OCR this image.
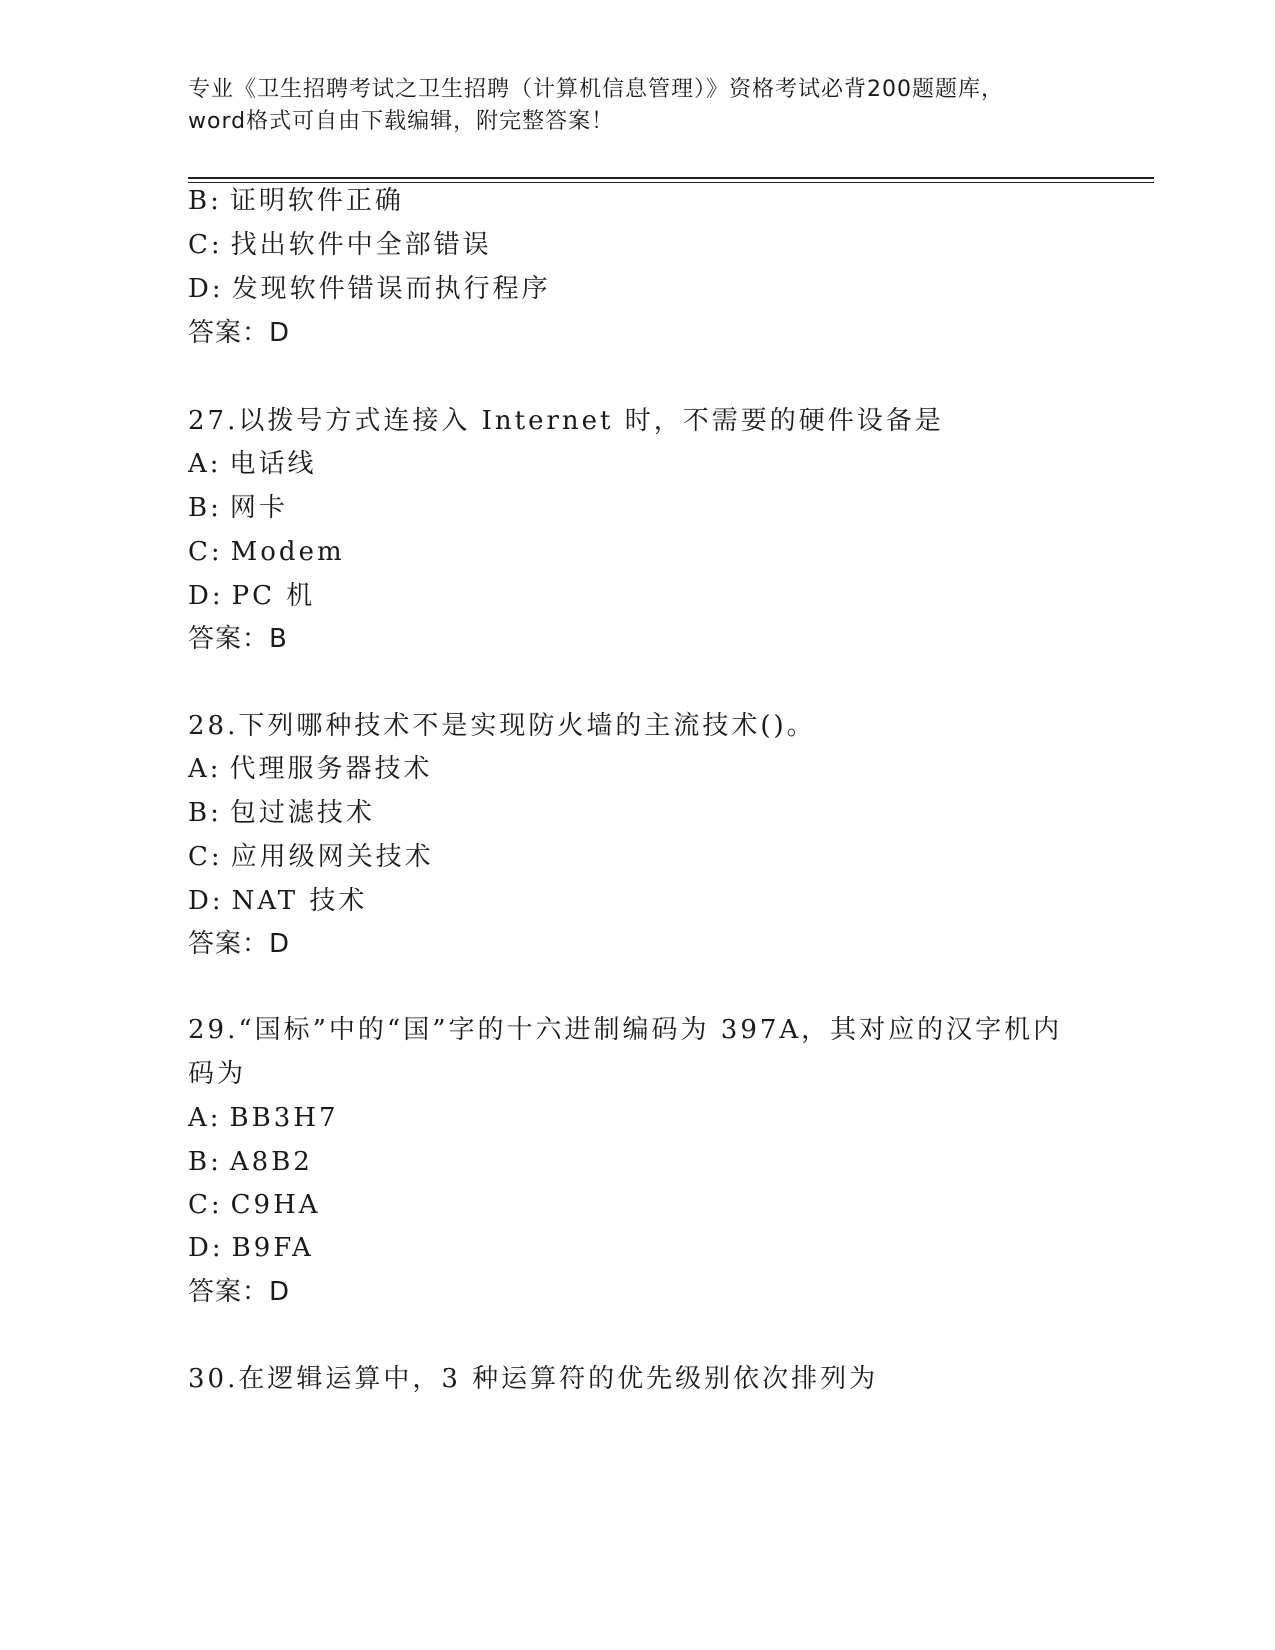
专业《卫生招聘考试之卫生招聘（计算机信息管理）》资格考试必背200题题库，
word格式可自由下载编辑，附完整答案！
B: 证明软件正确
C: 找出软件中全部错误
D: 发现软件错误而执行程序
答案：D
27.以拨号方式连接入 Internet 时，不需要的硬件设备是
A: 电话线
B: 网卡
C: Modem
D: PC 机
答案：B
28.下列哪种技术不是实现防火墙的主流技术()。
A: 代理服务器技术
B: 包过滤技术
C: 应用级网关技术
D: NAT 技术
答案：D
29.“国标”中的“国”字的十六进制编码为 397A，其对应的汉字机内
码为
A: BB3H7
B: A8B2
C: C9HA
D: B9FA
答案：D
30.在逻辑运算中，3 种运算符的优先级别依次排列为
